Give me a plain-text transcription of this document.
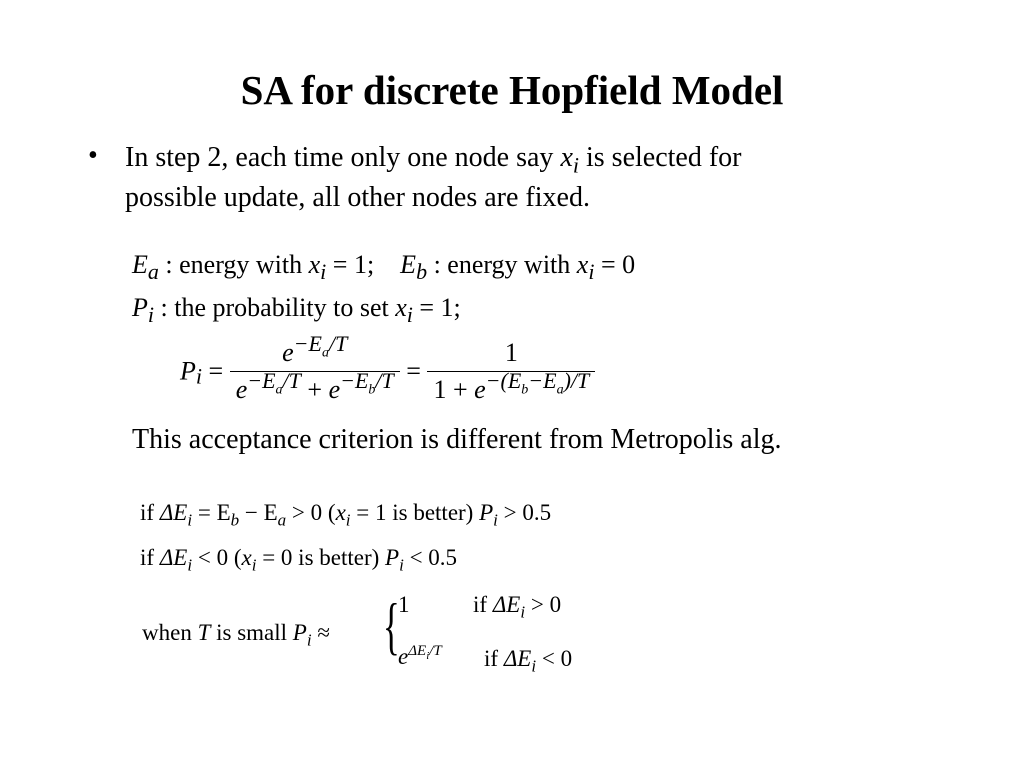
SA for discrete Hopfield Model
• In step 2, each time only one node say $x_i$ is selected for
possible update, all other nodes are fixed.
$E_a$ : energy with $x_i = 1$; $E_b$ : energy with $x_i = 0$
$P_i$ : the probability to set $x_i = 1$;
$P_i = \frac{e^{-E_a/T}}{e^{-E_a/T} + e^{-E_b/T}} = \frac{1}{1 + e^{-(E_b-E_a)/T}}$
This acceptance criterion is different from Metropolis alg.
if $\Delta E_i = E_b - E_a > 0$ ($x_i = 1$ is better) $P_i > 0.5$
if $\Delta E_i < 0$ ($x_i = 0$ is better) $P_i < 0.5$
when T is small $P_i$ ≈ {
1	if $\Delta E_i > 0$
$e^{\Delta E_i/T}$ if $\Delta E_i < 0$
